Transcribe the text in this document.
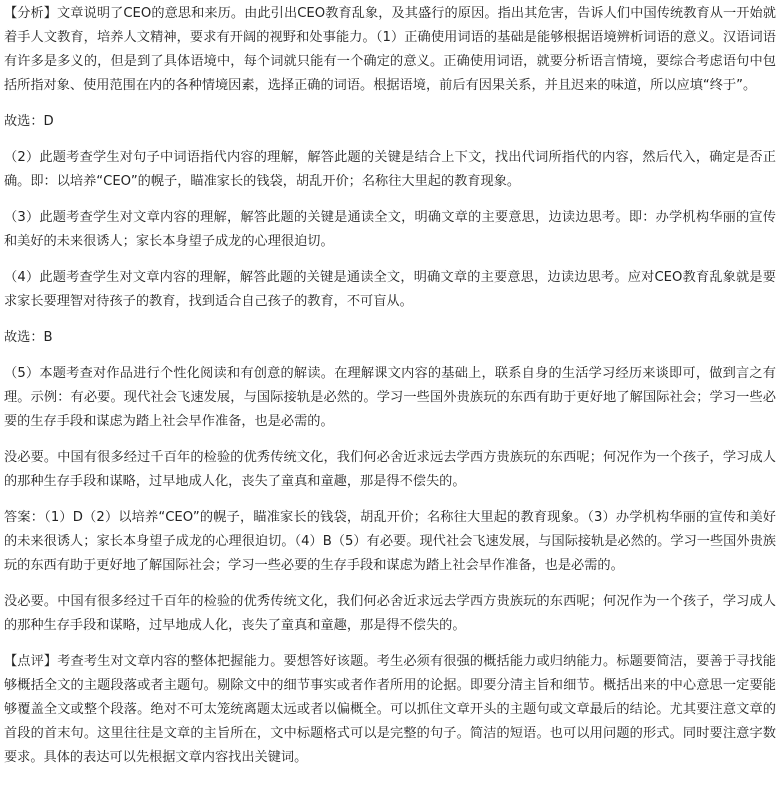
【分析】文章说明了CEO的意思和来历。由此引出CEO教育乱象，及其盛行的原因。指出其危害，告诉人们中国传统教育从一开始就着手人文教育，培养人文精神，要求有开阔的视野和处事能力。（1）正确使用词语的基础是能够根据语境辨析词语的意义。汉语词语有许多是多义的，但是到了具体语境中，每个词就只能有一个确定的意义。正确使用词语，就要分析语言情境，要综合考虑语句中包括所指对象、使用范围在内的各种情境因素，选择正确的词语。根据语境，前后有因果关系，并且迟来的味道，所以应填“终于”。

故选：D

（2）此题考查学生对句子中词语指代内容的理解，解答此题的关键是结合上下文，找出代词所指代的内容，然后代入，确定是否正确。即：以培养“CEO”的幌子，瞄准家长的钱袋，胡乱开价；名称往大里起的教育现象。

（3）此题考查学生对文章内容的理解，解答此题的关键是通读全文，明确文章的主要意思，边读边思考。即：办学机构华丽的宣传和美好的未来很诱人；家长本身望子成龙的心理很迫切。

（4）此题考查学生对文章内容的理解，解答此题的关键是通读全文，明确文章的主要意思，边读边思考。应对CEO教育乱象就是要求家长要理智对待孩子的教育，找到适合自己孩子的教育，不可盲从。

故选：B

（5）本题考查对作品进行个性化阅读和有创意的解读。在理解课文内容的基础上，联系自身的生活学习经历来谈即可，做到言之有理。示例：有必要。现代社会飞速发展，与国际接轨是必然的。学习一些国外贵族玩的东西有助于更好地了解国际社会；学习一些必要的生存手段和谋虑为踏上社会早作准备，也是必需的。

没必要。中国有很多经过千百年的检验的优秀传统文化，我们何必舍近求远去学西方贵族玩的东西呢；何况作为一个孩子，学习成人的那种生存手段和谋略，过早地成人化，丧失了童真和童趣，那是得不偿失的。

答案：（1）D（2）以培养“CEO”的幌子，瞄准家长的钱袋，胡乱开价；名称往大里起的教育现象。（3）办学机构华丽的宣传和美好的未来很诱人；家长本身望子成龙的心理很迫切。（4）B（5）有必要。现代社会飞速发展，与国际接轨是必然的。学习一些国外贵族玩的东西有助于更好地了解国际社会；学习一些必要的生存手段和谋虑为踏上社会早作准备，也是必需的。

没必要。中国有很多经过千百年的检验的优秀传统文化，我们何必舍近求远去学西方贵族玩的东西呢；何况作为一个孩子，学习成人的那种生存手段和谋略，过早地成人化，丧失了童真和童趣，那是得不偿失的。

【点评】考查考生对文章内容的整体把握能力。要想答好该题。考生必须有很强的概括能力或归纳能力。标题要简洁，要善于寻找能够概括全文的主题段落或者主题句。剔除文中的细节事实或者作者所用的论据。即要分清主旨和细节。概括出来的中心意思一定要能够覆盖全文或整个段落。绝对不可太笼统离题太远或者以偏概全。可以抓住文章开头的主题句或文章最后的结论。尤其要注意文章的首段的首末句。这里往往是文章的主旨所在，文中标题格式可以是完整的句子。简洁的短语。也可以用问题的形式。同时要注意字数要求。具体的表达可以先根据文章内容找出关键词。
